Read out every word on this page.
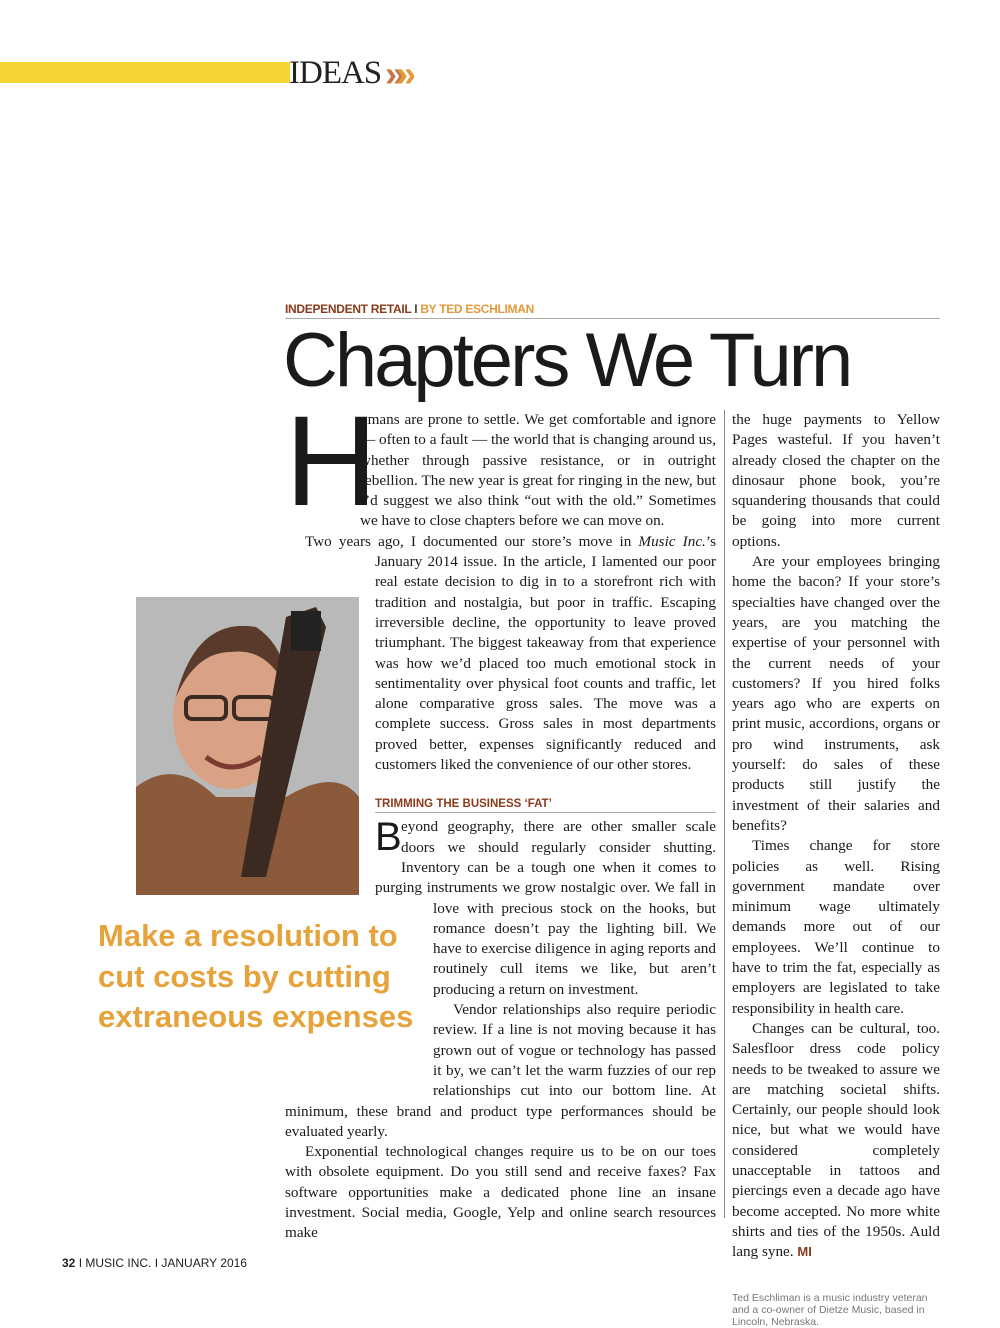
IDEAS »»
INDEPENDENT RETAIL I BY TED ESCHLIMAN
Chapters We Turn
H

umans are prone to settle. We get comfortable and ignore — often to a fault — the world that is changing around us, whether through passive resistance, or in outright rebellion. The new year is great for ringing in the new, but I’d suggest we also think “out with the old.” Sometimes we have to close chapters before we can move on.

Two years ago, I documented our store’s move in Music Inc.’s January 2014 issue. In the article, I lamented our poor real estate decision to dig in to a storefront rich with tradition and nostalgia, but poor in traffic. Escaping irreversible decline, the opportunity to leave proved triumphant. The biggest takeaway from that experience was how we’d placed too much emotional stock in sentimentality over physical foot counts and traffic, let alone comparative gross sales. The move was a complete success. Gross sales in most departments proved better, expenses significantly reduced and customers liked the convenience of our other stores.

TRIMMING THE BUSINESS ‘FAT’
B eyond geography, there are other smaller scale doors we should regularly consider shutting. Inventory can be a tough one when it comes to purging instruments we grow nostalgic over. We fall in
love with precious stock on the hooks, but romance doesn’t pay the lighting bill. We have to exercise diligence in aging reports and routinely cull items we like, but aren’t producing a return on investment.

Vendor relationships also require periodic review. If a line is not moving because it has grown out of vogue or technology has passed it by, we can’t let the warm fuzzies of our rep relationships cut into our bottom line. At minimum, these brand and product type performances should be evaluated yearly.

Exponential technological changes require us to be on our toes with obsolete equipment. Do you still send and receive faxes? Fax software opportunities make a dedicated phone line an insane investment. Social media, Google, Yelp and online search resources make

Make a resolution to cut costs by cutting extraneous expenses

the huge payments to Yellow Pages wasteful. If you haven’t already closed the chapter on the dinosaur phone book, you’re squandering thousands that could be going into more current options.

Are your employees bringing home the bacon? If your store’s specialties have changed over the years, are you matching the expertise of your personnel with the current needs of your customers? If you hired folks years ago who are experts on print music, accordions, organs or pro wind instruments, ask yourself: do sales of these products still justify the investment of their salaries and benefits?

Times change for store policies as well. Rising government mandate over minimum wage ultimately demands more out of our employees. We’ll continue to have to trim the fat, especially as employers are legislated to take responsibility in health care.

Changes can be cultural, too. Salesfloor dress code policy needs to be tweaked to assure we are matching societal shifts. Certainly, our people should look nice, but what we would have considered completely unacceptable in tattoos and piercings even a decade ago have become accepted. No more white shirts and ties of the 1950s. Auld lang syne. MI

Ted Eschliman is a music industry veteran and a co-owner of Dietze Music, based in Lincoln, Nebraska.
32 I MUSIC INC. I JANUARY 2016
